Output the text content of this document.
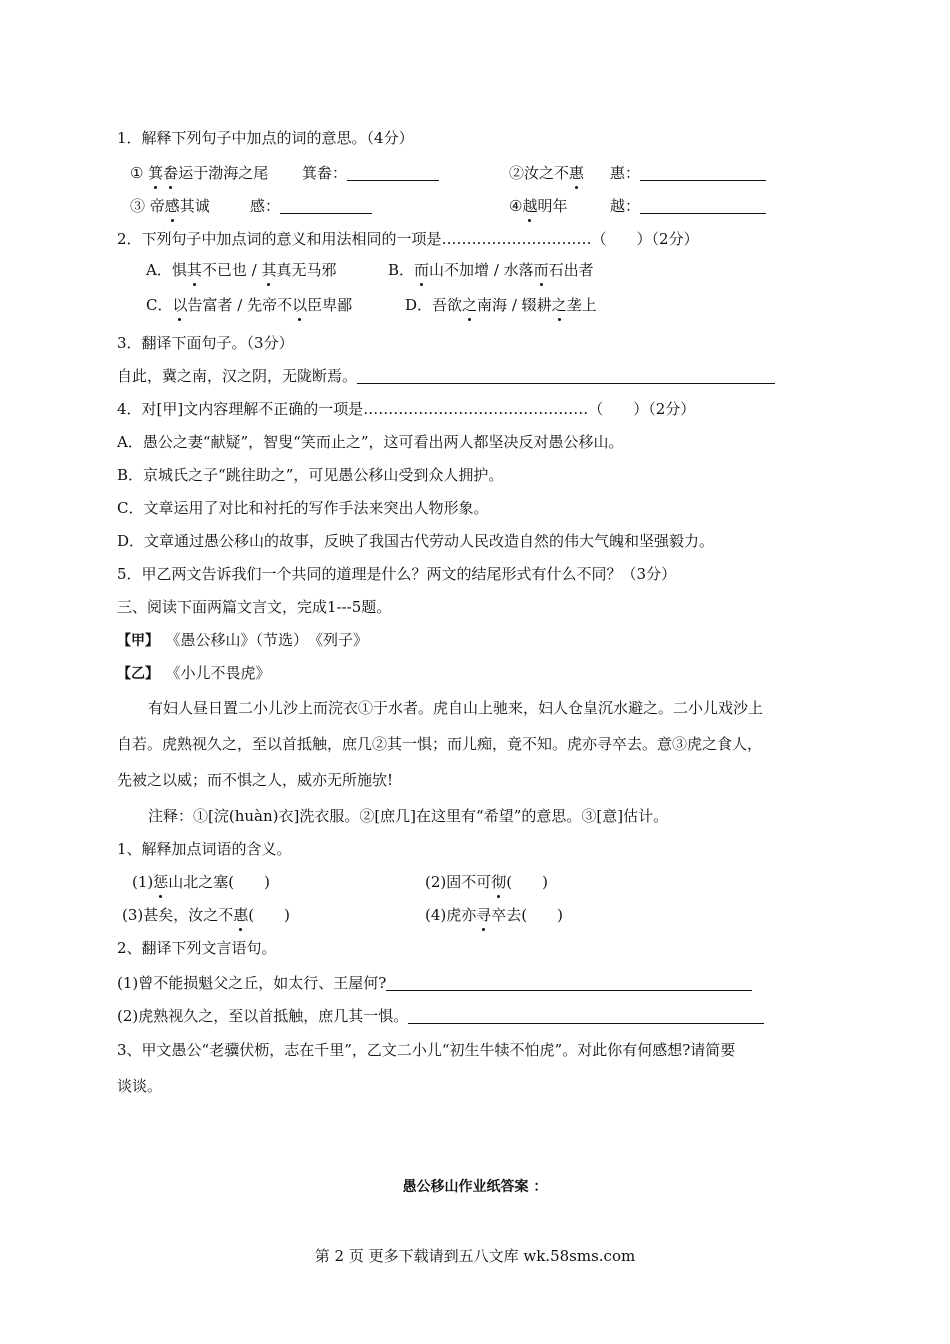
1．解释下列句子中加点的词的意思。（4分）
① 箕畚运于渤海之尾 箕畚：	②汝之不惠 惠：
③ 帝感其诚	感：	④越明年	越：
2．下列句子中加点词的意义和用法相同的一项是…………………………（　　）（2分）
A．惧其不已也 / 其真无马邪	B．而山不加增 / 水落而石出者
C．以告富者 / 先帝不以臣卑鄙	D．吾欲之南海 / 辍耕之垄上
3．翻译下面句子。（3分）
自此，冀之南，汉之阴，无陇断焉。
4．对[甲]文内容理解不正确的一项是………………………………………（　　）（2分）
A．愚公之妻“献疑”，智叟“笑而止之”，这可看出两人都坚决反对愚公移山。
B．京城氏之子“跳往助之”，可见愚公移山受到众人拥护。
C．文章运用了对比和衬托的写作手法来突出人物形象。
D．文章通过愚公移山的故事，反映了我国古代劳动人民改造自然的伟大气魄和坚强毅力。
5．甲乙两文告诉我们一个共同的道理是什么？两文的结尾形式有什么不同？（3分）
三、阅读下面两篇文言文，完成1---5题。
【甲】 《愚公移山》（节选）　《列子》
【乙】 《小儿不畏虎》
有妇人昼日置二小儿沙上而浣衣①于水者。虎自山上驰来，妇人仓皇沉水避之。二小儿戏沙上
自若。虎熟视久之，至以首抵触，庶几②其一惧；而儿痴，竟不知。虎亦寻卒去。意③虎之食人，
先被之以威；而不惧之人，威亦无所施欤!
注释：①[浣(huàn)衣]洗衣服。②[庶几]在这里有“希望”的意思。③[意]估计。
1、解释加点词语的含义。
(1)惩山北之塞(　　)	(2)固不可彻(　　)
(3)甚矣，汝之不惠(　　)	(4)虎亦寻卒去(　　)
2、翻译下列文言语句。
(1)曾不能损魁父之丘，如太行、王屋何?
(2)虎熟视久之，至以首抵触，庶几其一惧。
3、甲文愚公“老骥伏枥，志在千里”，乙文二小儿“初生牛犊不怕虎”。对此你有何感想?请简要
谈谈。
愚公移山作业纸答案 ：
第 2 页 更多下载请到五八文库 wk.58sms.com
